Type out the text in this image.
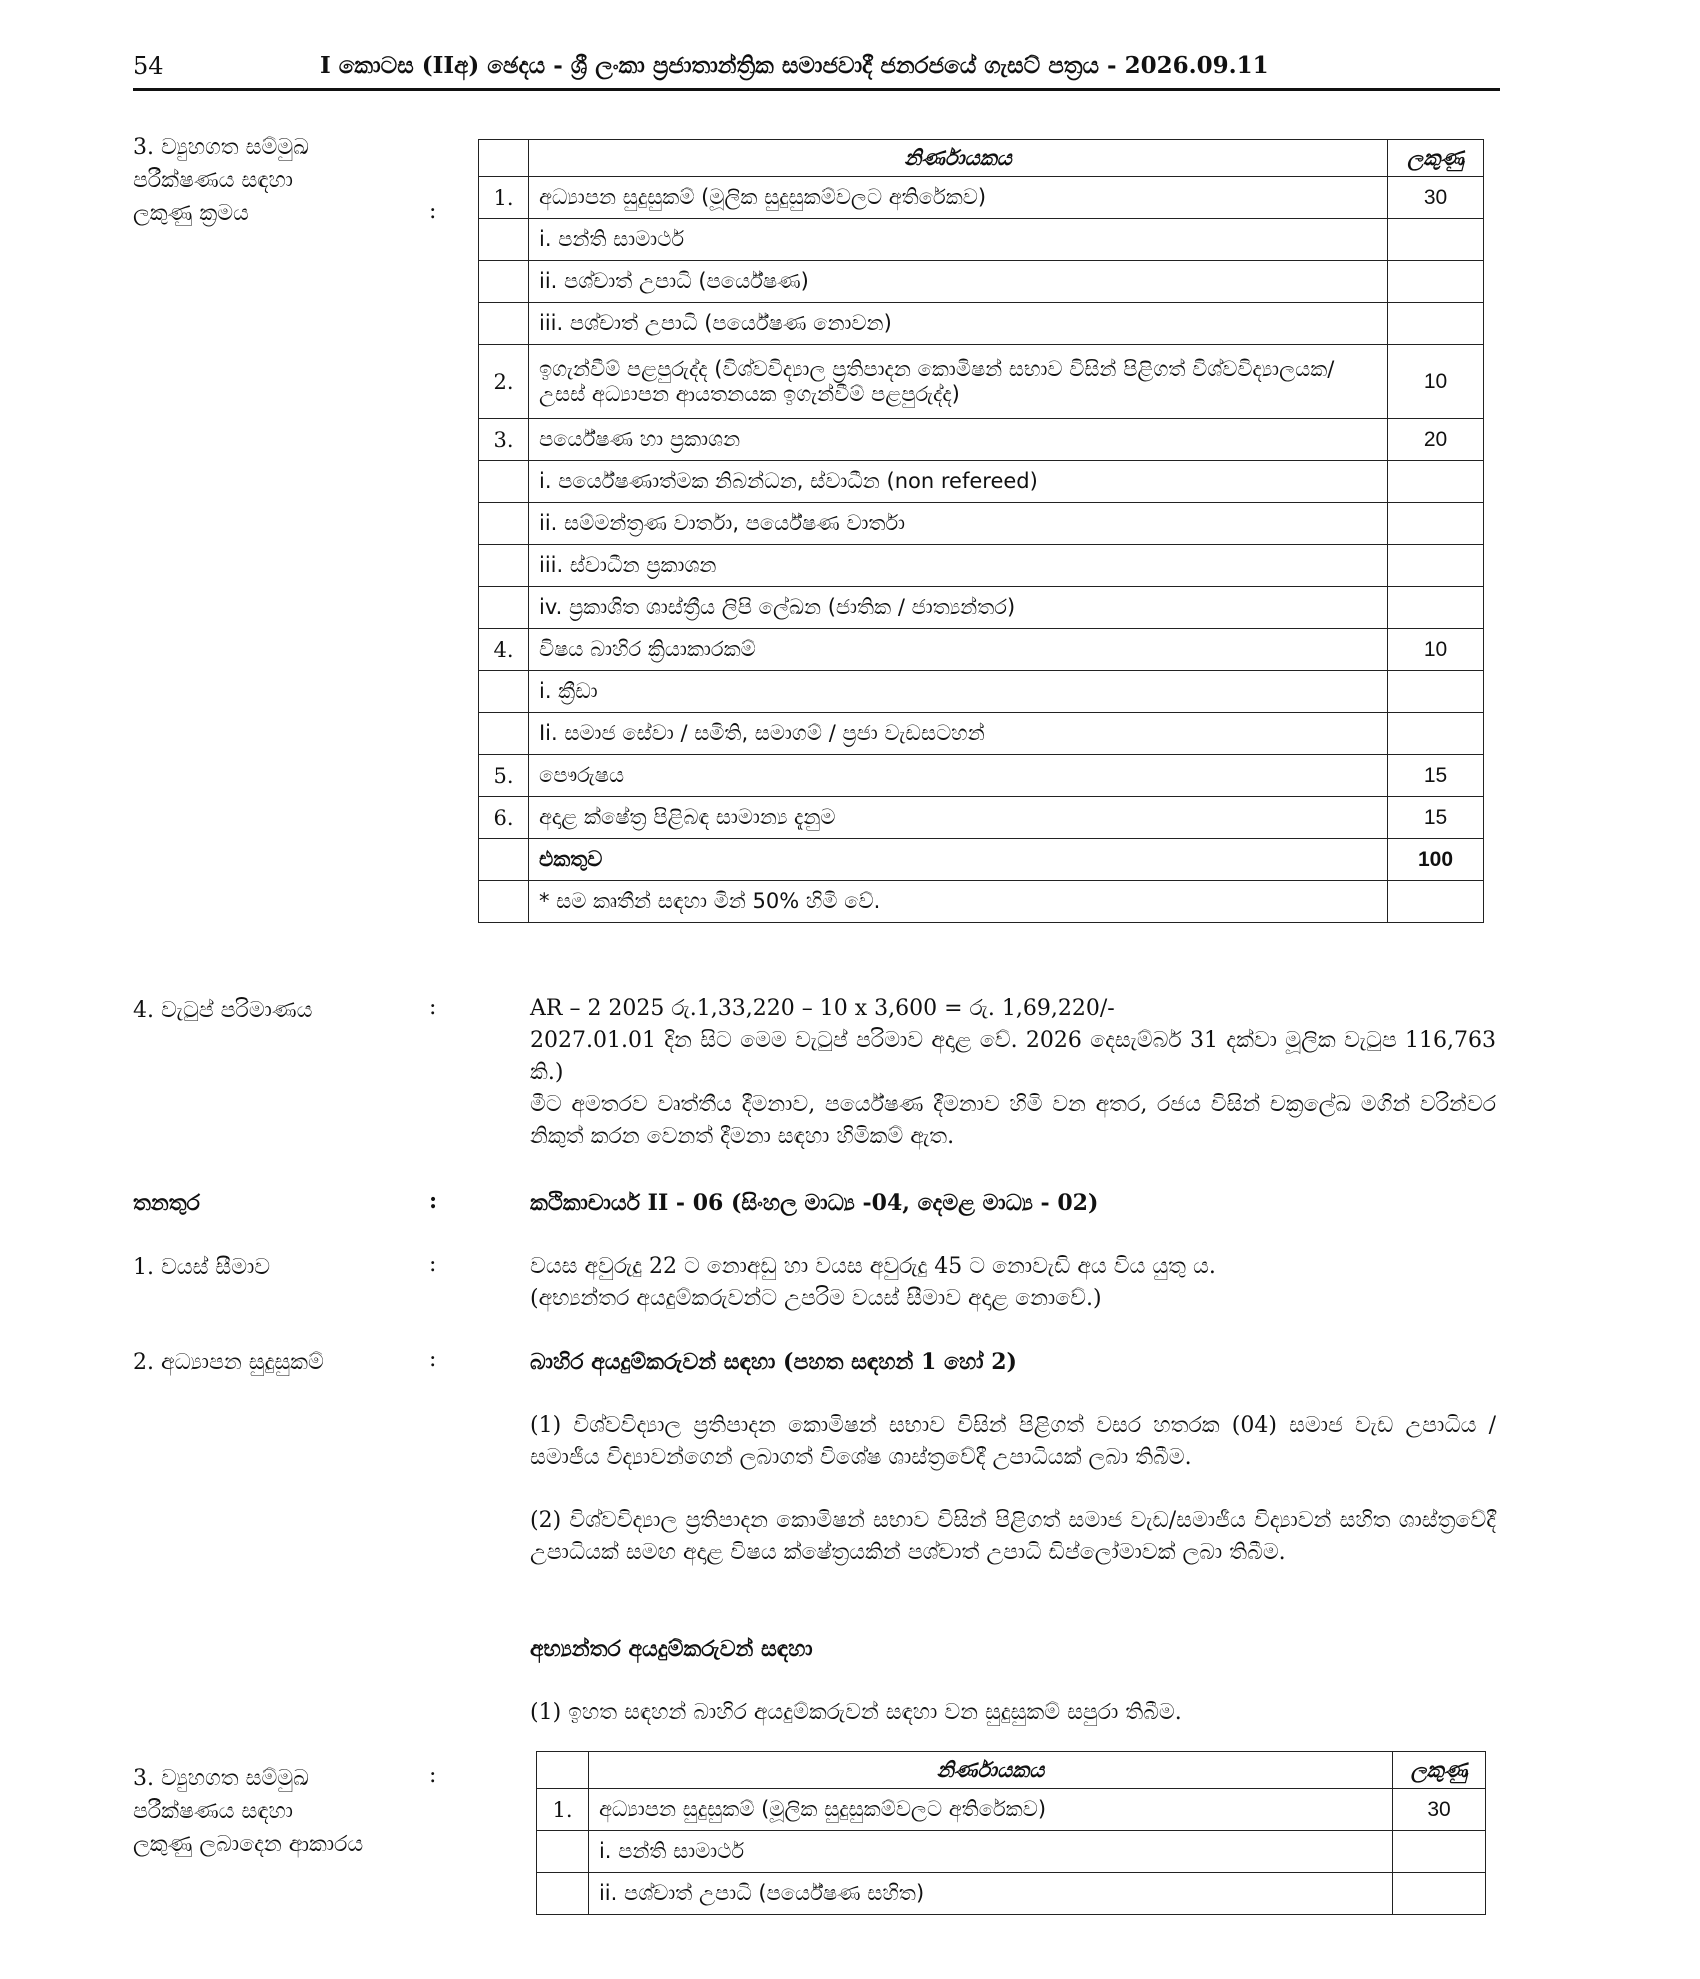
54	I කොටස (IIඅ) ඡෙදය - ශ්‍රී ලංකා ප්‍රජාතාන්ත්‍රික සමාජවාදී ජනරජයේ ගැසට් පත්‍රය - 2026.09.11
3. ව්‍යුහගත සම්මුඛ
පරීක්ෂණය සඳහා
ලකුණු ක්‍රමය	:
	නිර්ණායකය	ලකුණු
1.	අධ්‍යාපන සුදුසුකම් (මූලික සුදුසුකම්වලට අතිරේකව)	30
	i. පන්ති සාමාර්ථ	
	ii. පශ්චාත් උපාධි (පර්යේෂණ)	
	iii. පශ්චාත් උපාධි (පර්යේෂණ නොවන)	
2.	ඉගැන්වීම් පළපුරුද්ද (විශ්වවිද්‍යාල ප්‍රතිපාදන කොමිෂන් සභාව විසින් පිළිගත් විශ්වවිද්‍යාලයක/උසස් අධ්‍යාපන ආයතනයක ඉගැන්වීම් පළපුරුද්ද)	10
3.	පර්යේෂණ හා ප්‍රකාශන	20
	i. පර්යේෂණාත්මක නිබන්ධන, ස්වාධීන (non refereed)	
	ii. සම්මන්ත්‍රණ වාර්තා, පර්යේෂණ වාර්තා	
	iii. ස්වාධීන ප්‍රකාශන	
	iv. ප්‍රකාශිත ශාස්ත්‍රීය ලිපි ලේඛන (ජාතික / ජාත්‍යන්තර)	
4.	විෂය බාහිර ක්‍රියාකාරකම්	10
	i. ක්‍රීඩා	
	Ii. සමාජ සේවා / සමිති, සමාගම් / ප්‍රජා වැඩසටහන්	
5.	පෞරුෂය	15
6.	අදාළ ක්ෂේත්‍ර පිළිබඳ සාමාන්‍ය දැනුම	15
	එකතුව	100
	* සම කෘතීන් සඳහා මින් 50% හිමි වේ.	
4. වැටුප් පරිමාණය	:	AR – 2 2025 රු.1,33,220 – 10 x 3,600 = රු. 1,69,220/-
2027.01.01 දින සිට මෙම වැටුප් පරිමාව අදාළ වේ. 2026 දෙසැම්බර් 31 දක්වා මූලික වැටුප 116,763 කි.)
මීට අමතරව වෘත්තීය දීමනාව, පර්යේෂණ දීමනාව හිමි වන අතර, රජය විසින් චක්‍රලේඛ මගින් වරින්වර නිකුත් කරන වෙනත් දීමනා සඳහා හිමිකම් ඇත.
තනතුර	:	කථිකාචාර්ය II - 06 (සිංහල මාධ්‍ය -04, දෙමළ මාධ්‍ය - 02)
1. වයස් සීමාව	:	වයස අවුරුදු 22 ට නොඅඩු හා වයස අවුරුදු 45 ට නොවැඩි අය විය යුතු ය.
(අභ්‍යන්තර අයදුම්කරුවන්ට උපරිම වයස් සීමාව අදාළ නොවේ.)
2. අධ්‍යාපන සුදුසුකම්	:	බාහිර අයදුම්කරුවන් සඳහා (පහත සඳහන් 1 හෝ 2)
(1) විශ්වවිද්‍යාල ප්‍රතිපාදන කොමිෂන් සභාව විසින් පිළිගත් වසර හතරක (04) සමාජ වැඩ උපාධිය /සමාජීය විද්‍යාවන්ගෙන් ලබාගත් විශේෂ ශාස්ත්‍රවේදී උපාධියක් ලබා තිබීම.
(2) විශ්වවිද්‍යාල ප්‍රතිපාදන කොමිෂන් සභාව විසින් පිළිගත් සමාජ වැඩ/සමාජීය විද්‍යාවන් සහිත ශාස්ත්‍රවේදී උපාධියක් සමඟ අදාළ විෂය ක්ෂේත්‍රයකින් පශ්චාත් උපාධි ඩිප්ලෝමාවක් ලබා තිබීම.
අභ්‍යන්තර අයදුම්කරුවන් සඳහා
(1) ඉහත සඳහන් බාහිර අයදුම්කරුවන් සඳහා වන සුදුසුකම් සපුරා තිබීම.
3. ව්‍යුහගත සම්මුඛ
පරීක්ෂණය සඳහා
ලකුණු ලබාදෙන ආකාරය
:
		නිර්ණායකය	ලකුණු
1.	අධ්‍යාපන සුදුසුකම් (මූලික සුදුසුකම්වලට අතිරේකව)	30
	i. පන්ති සාමාර්ථ	
	ii. පශ්චාත් උපාධි (පර්යේෂණ සහිත)	
